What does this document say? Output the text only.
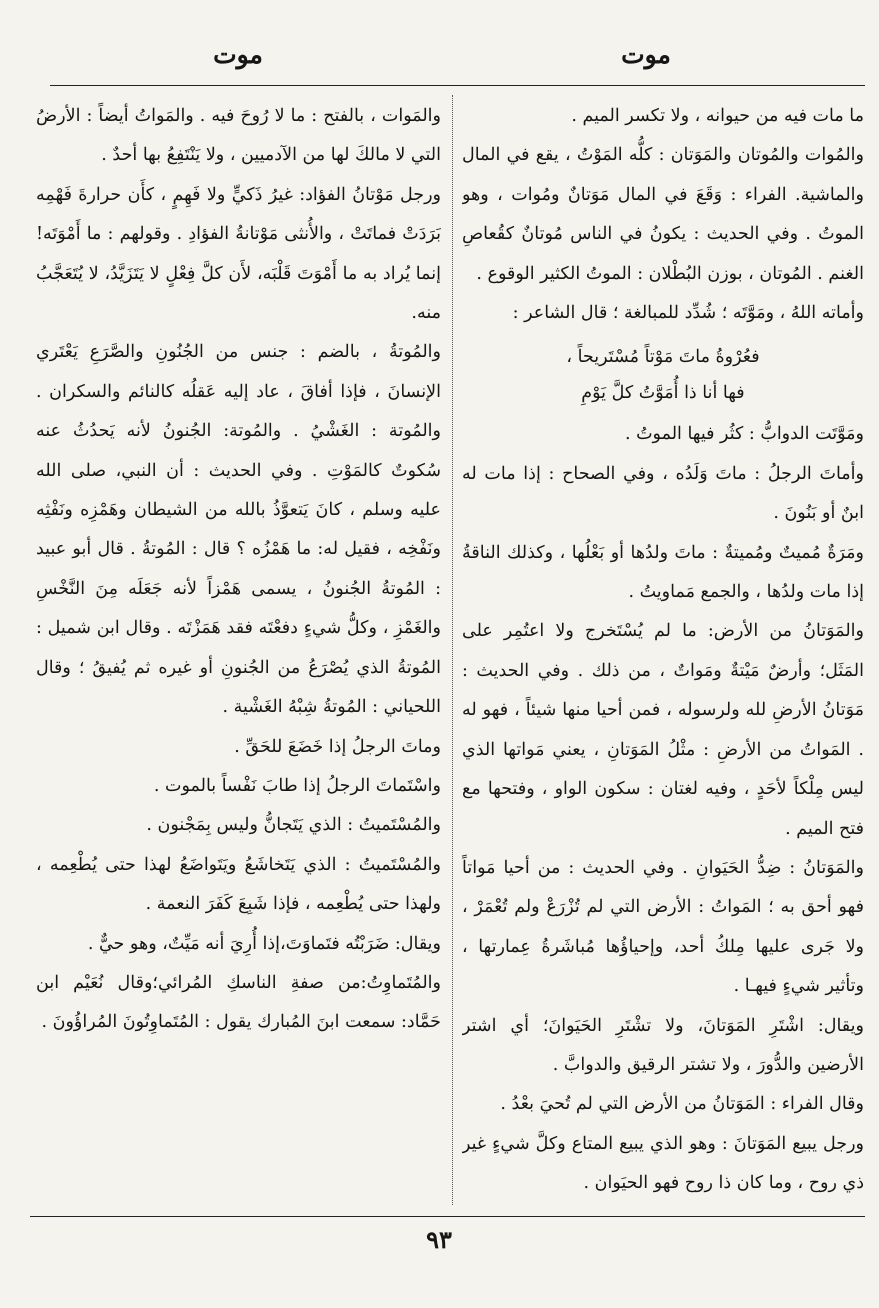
موت
موت

ما مات فيه من حيوانه ، ولا تكسر الميم .

والمُوات والمُوتان والمَوَتان : كلُّه المَوْتُ ، يقع في المال والماشية. الفراء : وَقَعَ في المال مَوَتانٌ ومُوات ، وهو الموتُ . وفي الحديث : يكونُ في الناس مُوتانٌ كقُعاصِ الغنم . المُوتان ، بوزن البُطْلان : الموتُ الكثير الوقوع .

وأماته اللهُ ، ومَوَّتَه ؛ شُدِّد للمبالغة ؛ قال الشاعر :

فعُرْوةُ ماتَ مَوْتاً مُسْتَريحاً ،
فها أنا ذا أُمَوَّتُ كلَّ يَوْمِ

ومَوَّتَت الدوابُّ : كثُر فيها الموتُ .

وأماتَ الرجلُ : ماتَ وَلَدُه ، وفي الصحاح : إذا مات له ابنٌ أو بَنُونَ .

ومَرَةٌ مُميتٌ ومُميتةٌ : ماتَ ولدُها أو بَعْلُها ، وكذلك الناقةُ إذا مات ولدُها ، والجمع مَماويتُ .

والمَوَتانُ من الأرض: ما لم يُسْتَخرج ولا اعتُمِر على المَثَل؛ وأرضٌ مَيْتةٌ ومَواتٌ ، من ذلك . وفي الحديث : مَوَتانُ الأرضِ لله ولرسوله ، فمن أحيا منها شيئاً ، فهو له . المَواتُ من الأرضِ : مثْلُ المَوَتانِ ، يعني مَواتها الذي ليس مِلْكاً لأحَدٍ ، وفيه لغتان : سكون الواو ، وفتحها مع فتح الميم .

والمَوَتانُ : ضِدُّ الحَيَوانِ . وفي الحديث : من أحيا مَواتاً فهو أحق به ؛ المَواتُ : الأرض التي لم تُزْرَعْ ولم تُعْمَرْ ، ولا جَرى عليها مِلكُ أحد، وإحياؤُها مُباشَرةُ عِمارتها ، وتأثير شيءٍ فيهـا .

ويقال: اشْتَرِ المَوَتانَ، ولا تشْتَرِ الحَيَوانَ؛ أي اشتر الأرضين والدُّورَ ، ولا تشتر الرقيق والدوابَّ .

وقال الفراء : المَوَتانُ من الأرض التي لم تُحيَ بعْدُ .

ورجل يبيع المَوَتانَ : وهو الذي يبيع المتاع وكلَّ شيءٍ غير ذي روح ، وما كان ذا روح فهو الحيَوان .

والمَوات ، بالفتح : ما لا رُوحَ فيه . والمَواتُ أيضاً : الأرضُ التي لا مالكَ لها من الآدميين ، ولا يَنْتَفِعُ بها أحدٌ .

ورجل مَوْتانُ الفؤاد: غيرُ ذَكيٍّ ولا فَهِمٍ ، كأَن حرارةَ فَهْمِه بَرَدَتْ فماتَتْ ، والأُنثى مَوْتانةُ الفؤادِ . وقولهم : ما أَمْوَتَه! إنما يُراد به ما أَمْوَتَ قَلْبَه، لأَن كلَّ فِعْلٍ لا يَتَزَيَّدُ، لا يُتَعَجَّبُ منه.

والمُوتةُ ، بالضم : جنس من الجُنُونِ والصَّرَعِ يَعْتَري الإنسانَ ، فإذا أفاقَ ، عاد إليه عَقلُه كالنائم والسكران . والمُوتة : الغَشْيُ . والمُوتة: الجُنونُ لأنه يَحدُثُ عنه سُكوتٌ كالمَوْتِ . وفي الحديث : أن النبي، صلى الله عليه وسلم ، كانَ يَتعوَّذُ بالله من الشيطان وهَمْزِه ونَفْثِه ونَفْخِه ، فقيل له: ما هَمْزُه ؟ قال : المُوتةُ . قال أبو عبيد : المُوتةُ الجُنونُ ، يسمى هَمْزاً لأنه جَعَلَه مِنَ النَّخْسِ والغَمْزِ ، وكلُّ شيءٍ دفعْتَه فقد هَمَزْتَه . وقال ابن شميل : المُوتةُ الذي يُصْرَعُ من الجُنونِ أو غيره ثم يُفيقُ ؛ وقال اللحياني : المُوتةُ شِبْهُ الغَشْية .

وماتَ الرجلُ إذا خَضَعَ للحَقِّ .

واسْتَماتَ الرجلُ إذا طابَ نَفْساً بالموت .

والمُسْتَميتُ : الذي يَتَجانُّ وليس بِمَجْنون .

والمُسْتَميتُ : الذي يَتَخاشَعُ ويَتَواضَعُ لهذا حتى يُطْعِمه ، ولهذا حتى يُطْعِمه ، فإذا شَبِعَ كَفَرَ النعمة .

ويقال: ضَرَبْتُه فتَماوَتَ،إذا أُرِيَ أنه مَيِّتٌ، وهو حيٌّ .

والمُتَماوِتُ:من صفةِ الناسكِ المُرائي؛وقال نُعَيْم ابن حَمَّاد: سمعت ابنَ المُبارك يقول : المُتَماوِتُونَ المُراؤُونَ .

٩٣
